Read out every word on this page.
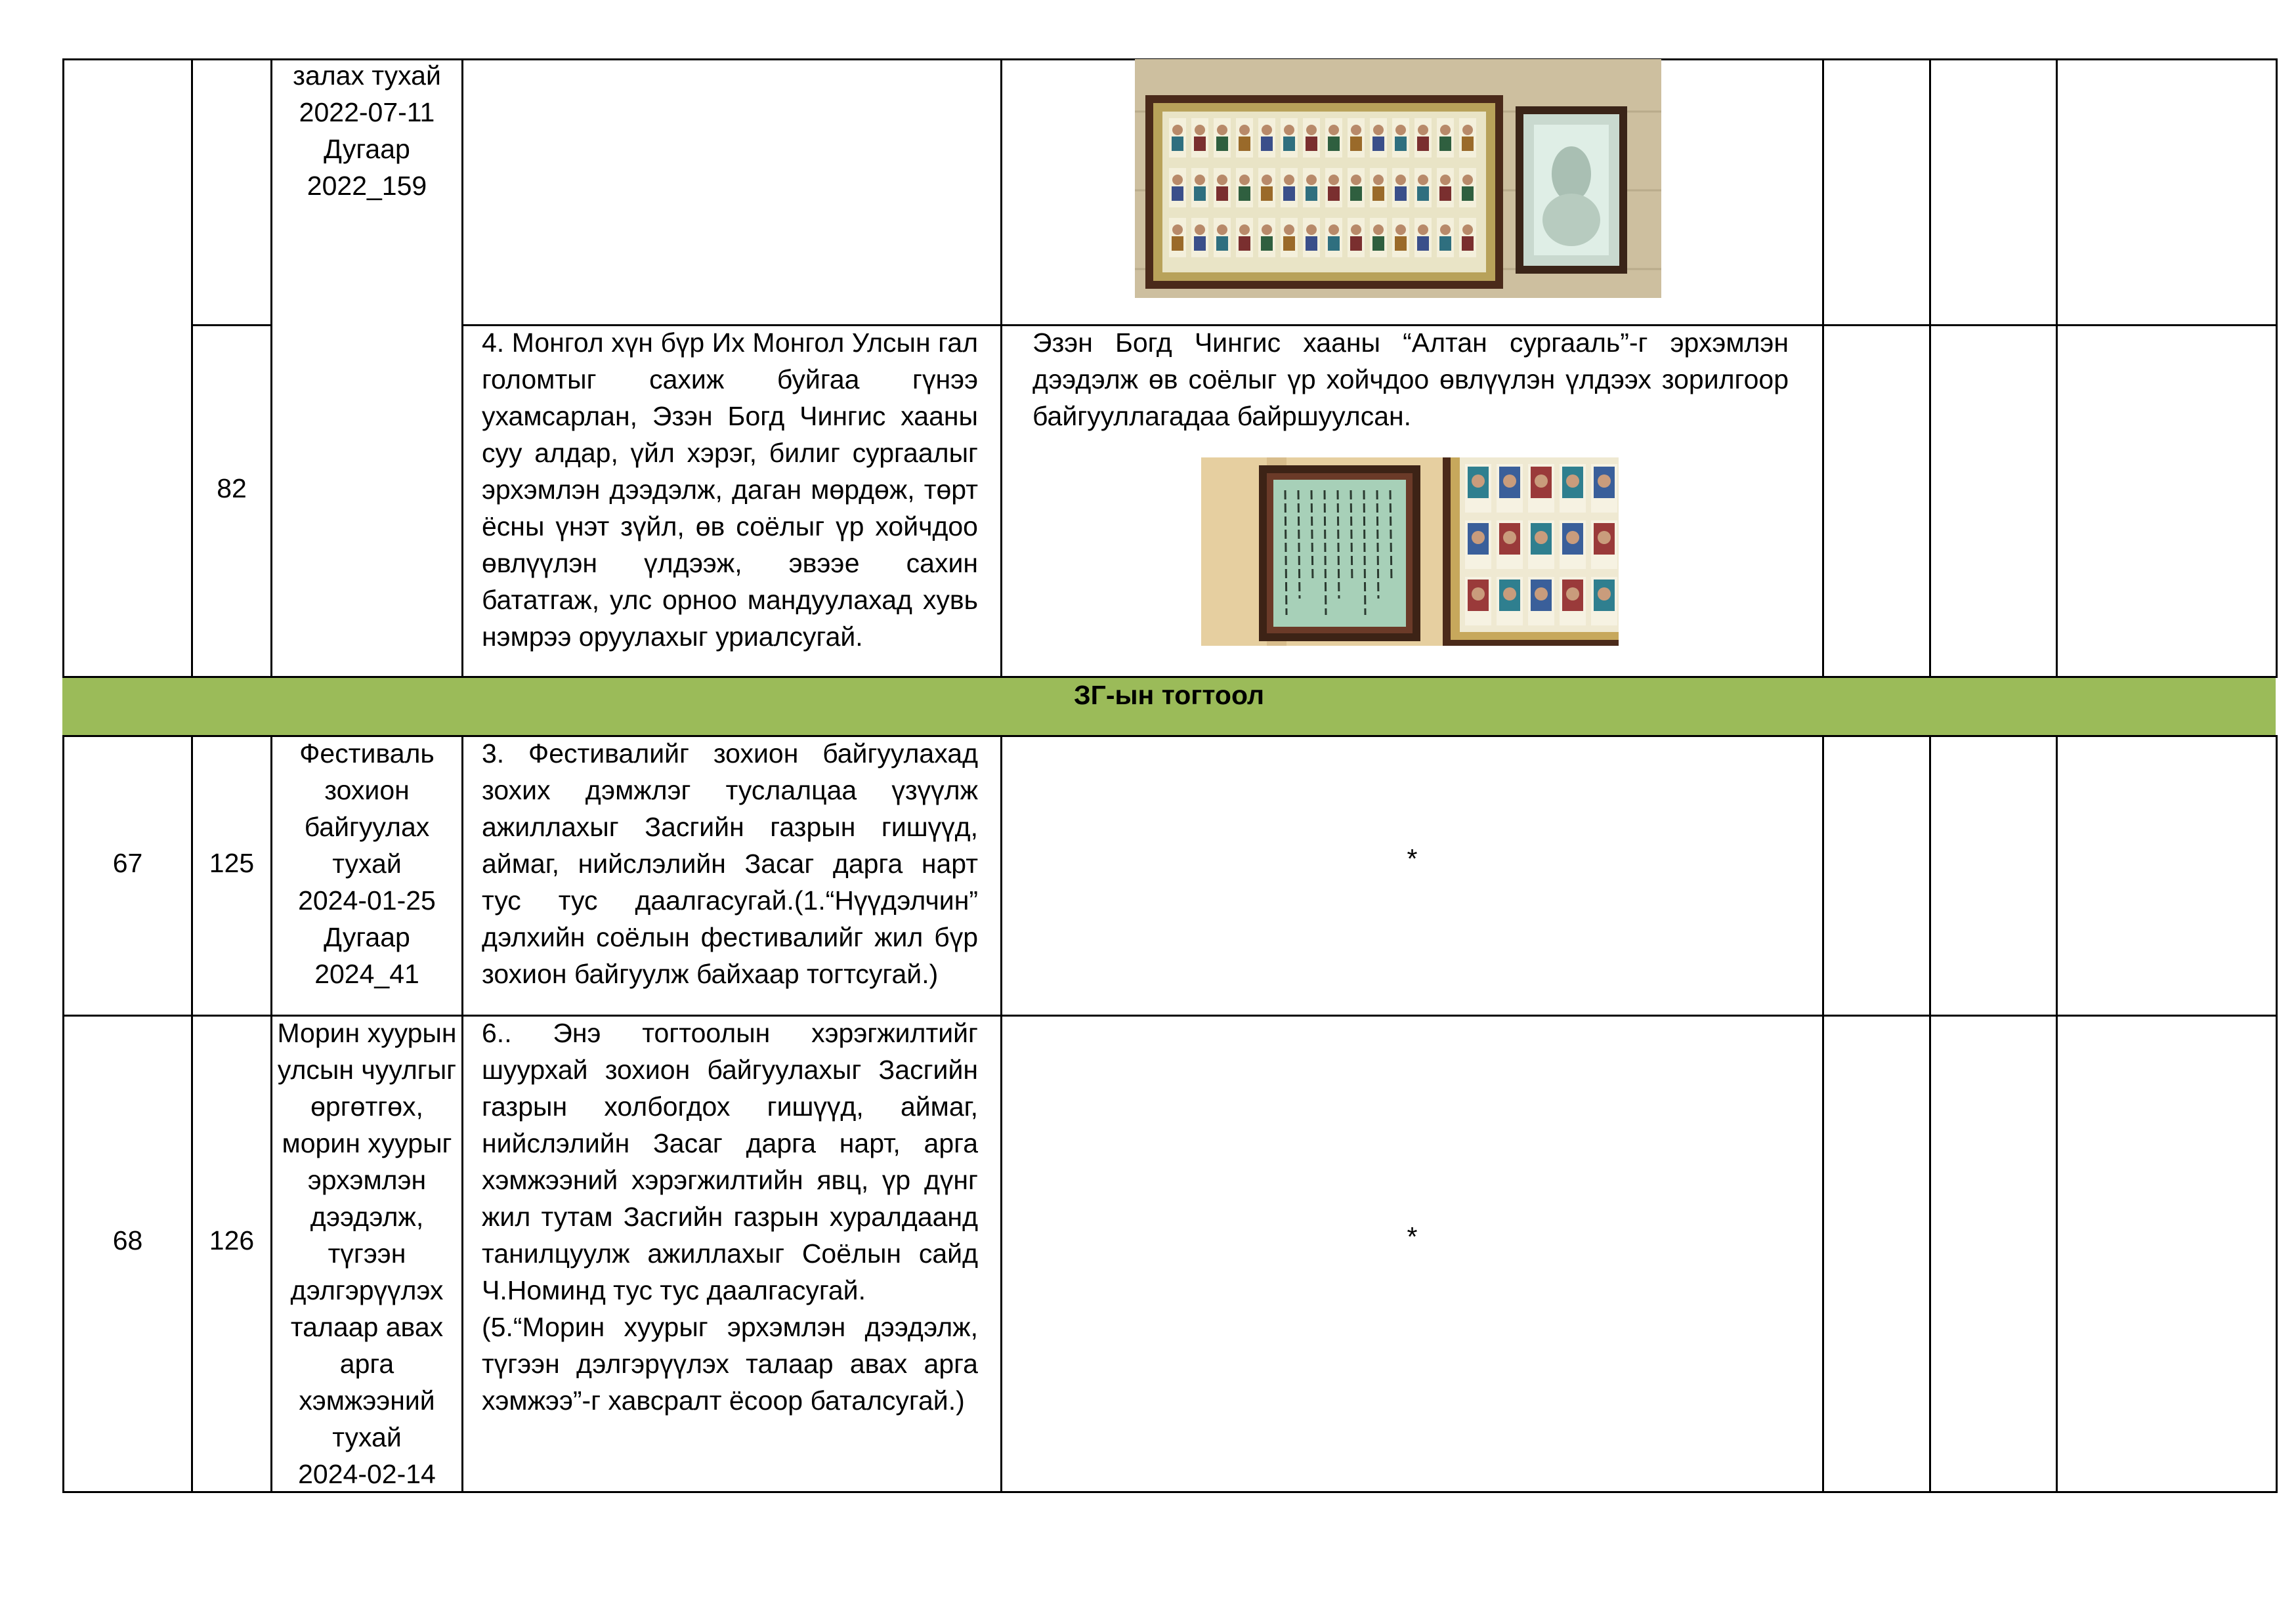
залах тухай
2022-07-11
Дугаар
2022_159
82

4. Монгол хүн бүр Их Монгол Улсын гал голомтыг сахиж буйгаа гүнээ ухамсарлан, Эзэн Богд Чингис хааны суу алдар, үйл хэрэг, билиг сургаалыг эрхэмлэн дээдэлж, даган мөрдөж, төрт ёсны үнэт зүйл, өв соёлыг үр хойчдоо өвлүүлэн үлдээж, эвээе сахин бататгаж, улс орноо мандуулахад хувь нэмрээ оруулахыг уриалсугай.

Эзэн Богд Чингис хааны “Алтан сургааль”-г эрхэмлэн дээдэлж өв соёлыг үр хойчдоо өвлүүлэн үлдээх зорилгоор байгууллагадаа байршуулсан.

ЗГ-ын тогтоол
67	125
Фестиваль
зохион
байгуулах
тухай
2024-01-25
Дугаар
2024_41

3. Фестивалийг зохион байгуулахад зохих дэмжлэг туслалцаа үзүүлж ажиллахыг Засгийн газрын гишүүд, аймаг, нийслэлийн Засаг дарга нарт тус тус даалгасугай.(1.“Нүүдэлчин” дэлхийн соёлын фестивалийг жил бүр зохион байгуулж байхаар тогтсугай.)

*
68	126
Морин хуурын
улсын чуулгыг
өргөтгөх,
морин хуурыг
эрхэмлэн
дээдэлж,
түгээн
дэлгэрүүлэх
талаар авах
арга
хэмжээний
тухай
2024-02-14

6.. Энэ тогтоолын хэрэгжилтийг шуурхай зохион байгуулахыг Засгийн газрын холбогдох гишүүд, аймаг, нийслэлийн Засаг дарга нарт, арга хэмжээний хэрэгжилтийн явц, үр дүнг жил тутам Засгийн газрын хуралдаанд танилцуулж ажиллахыг Соёлын сайд Ч.Номинд тус тус даалгасугай.

(5.“Морин хуурыг эрхэмлэн дээдэлж, түгээн дэлгэрүүлэх талаар авах арга хэмжээ”-г хавсралт ёсоор баталсугай.)

*
